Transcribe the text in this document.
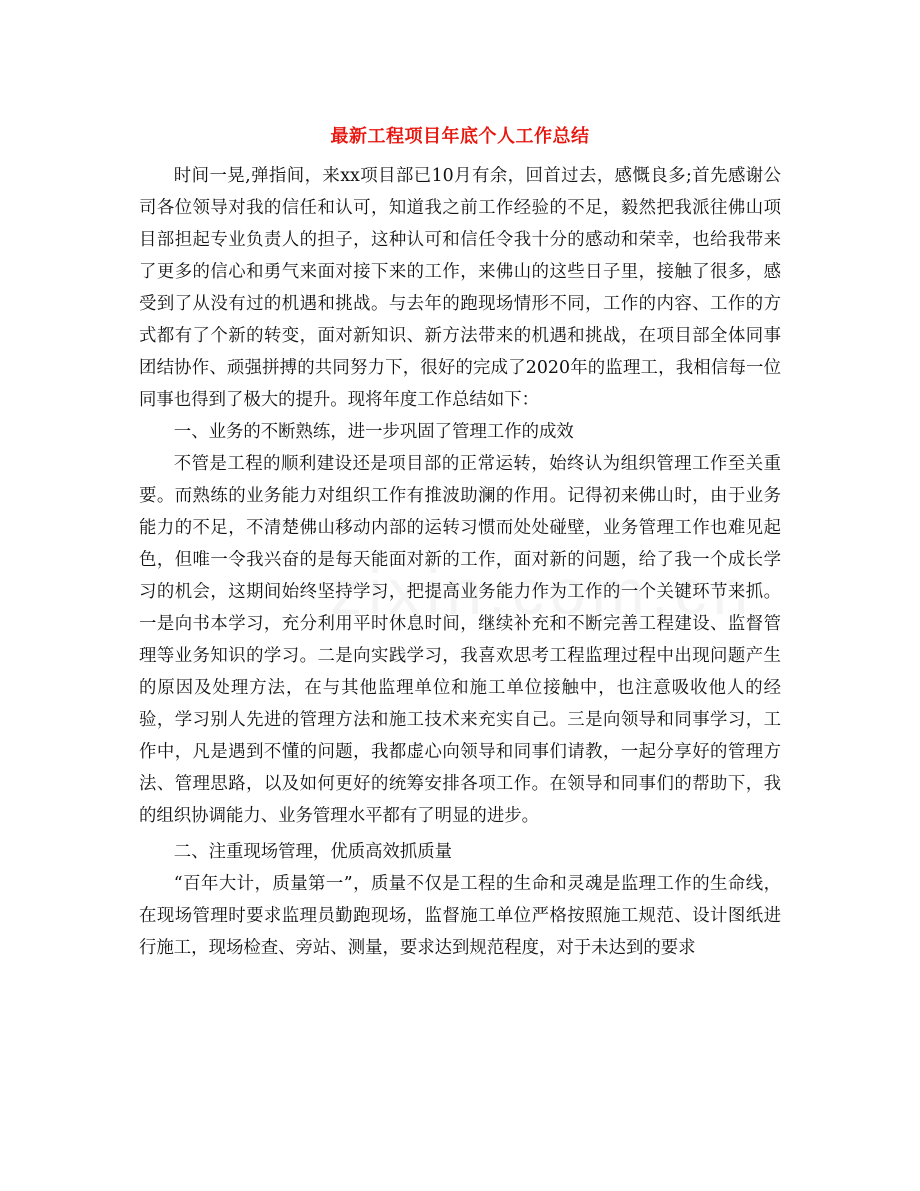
最新工程项目年底个人工作总结

时间一晃,弹指间，来xx项目部已10月有余，回首过去，感慨良多;首先感谢公司各位领导对我的信任和认可，知道我之前工作经验的不足，毅然把我派往佛山项目部担起专业负责人的担子，这种认可和信任令我十分的感动和荣幸，也给我带来了更多的信心和勇气来面对接下来的工作，来佛山的这些日子里，接触了很多，感受到了从没有过的机遇和挑战。与去年的跑现场情形不同，工作的内容、工作的方式都有了个新的转变，面对新知识、新方法带来的机遇和挑战，在项目部全体同事团结协作、顽强拼搏的共同努力下，很好的完成了2020年的监理工，我相信每一位同事也得到了极大的提升。现将年度工作总结如下：

一、业务的不断熟练，进一步巩固了管理工作的成效

不管是工程的顺利建设还是项目部的正常运转，始终认为组织管理工作至关重要。而熟练的业务能力对组织工作有推波助澜的作用。记得初来佛山时，由于业务能力的不足，不清楚佛山移动内部的运转习惯而处处碰壁，业务管理工作也难见起色，但唯一令我兴奋的是每天能面对新的工作，面对新的问题，给了我一个成长学习的机会，这期间始终坚持学习，把提高业务能力作为工作的一个关键环节来抓。一是向书本学习，充分利用平时休息时间，继续补充和不断完善工程建设、监督管理等业务知识的学习。二是向实践学习，我喜欢思考工程监理过程中出现问题产生的原因及处理方法，在与其他监理单位和施工单位接触中，也注意吸收他人的经验，学习别人先进的管理方法和施工技术来充实自己。三是向领导和同事学习，工作中，凡是遇到不懂的问题，我都虚心向领导和同事们请教，一起分享好的管理方法、管理思路，以及如何更好的统筹安排各项工作。在领导和同事们的帮助下，我的组织协调能力、业务管理水平都有了明显的进步。

二、注重现场管理，优质高效抓质量

“百年大计，质量第一”，质量不仅是工程的生命和灵魂是监理工作的生命线，在现场管理时要求监理员勤跑现场，监督施工单位严格按照施工规范、设计图纸进行施工，现场检查、旁站、测量，要求达到规范程度，对于未达到的要求
